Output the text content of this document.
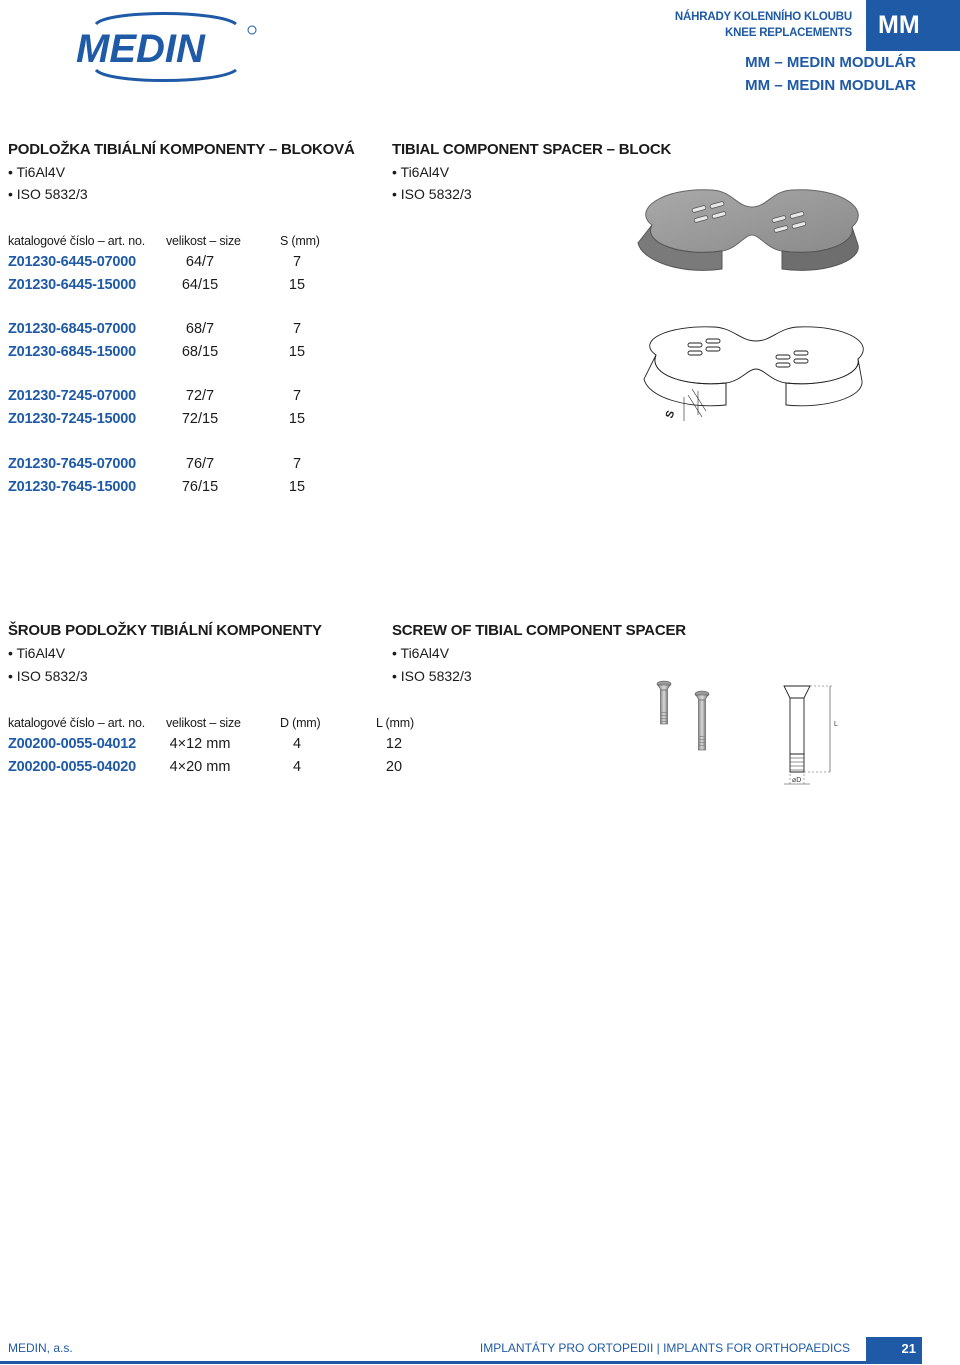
MEDIN
NÁHRADY KOLENNÍHO KLOUBU
KNEE REPLACEMENTS	MM
MM – MEDIN MODULÁR
MM – MEDIN MODULAR
PODLOŽKA TIBIÁLNÍ KOMPONENTY – BLOKOVÁ TIBIAL COMPONENT SPACER – BLOCK
• Ti6Al4V
• ISO 5832/3
• Ti6Al4V
• ISO 5832/3
katalogové číslo – art. no. velikost – size	S (mm)
Z01230-6445-07000	64/7	7
Z01230-6445-15000	64/15	15
Z01230-6845-07000	68/7	7
Z01230-6845-15000	68/15	15
Z01230-7245-07000	72/7	7
Z01230-7245-15000	72/15	15
Z01230-7645-07000	76/7	7
Z01230-7645-15000	76/15	15
S
ŠROUB PODLOŽKY TIBIÁLNÍ KOMPONENTY	SCREW OF TIBIAL COMPONENT SPACER
• Ti6Al4V
• ISO 5832/3
• Ti6Al4V
• ISO 5832/3
katalogové číslo – art. no. velikost – size	D (mm)	L (mm)
Z00200-0055-04012	4×12 mm	4	12
Z00200-0055-04020	4×20 mm	4	20
L
⌀D
MEDIN, a.s.	IMPLANTÁTY PRO ORTOPEDII | IMPLANTS FOR ORTHOPAEDICS	21
